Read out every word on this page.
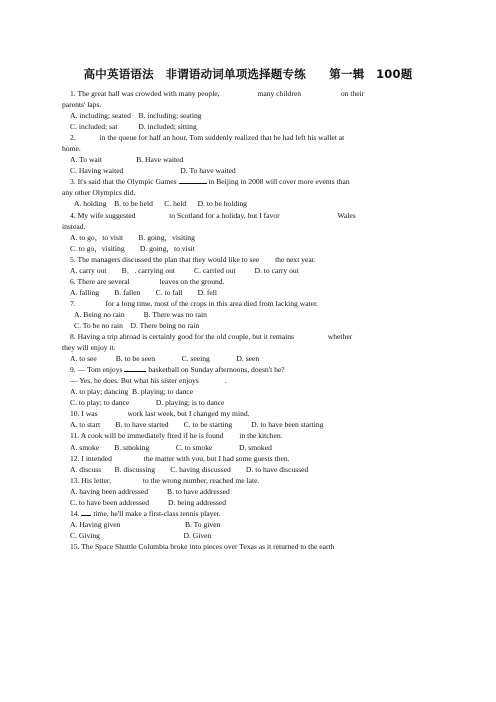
高中英语语法　非谓语动词单项选择题专练　　第一辑　100题
1. The great hall was crowded with many people,	many children	on their
parents' laps.
A. including; seated    B. including; seating
C. included; sat           D. included; sitting
2.	in the queue for half an hour, Tom suddenly realized that he had left his wallet at
home.
A. To wait                  B. Have waited
C. Having waited                              D. To have waited
3. It's said that the Olympic Games	in Beijing in 2008 will cover more events than
any other Olympics did.
A. holding    B. to be held      C. held      D. to be holding
4. My wife suggested	to Scotland for a holiday, but I favor	Wales
instead.
A. to go，to visit        B. going，visiting
C. to go，visiting        D. going，to visit
5. The managers discussed the plan that they would like to see the next year.
A. carry out        B．. carrying out          C. carried out          D. to carry out
6. There are several	leaves on the ground.
A. falling        B. fallen        C. to fall        D. fell
7.	for a long time, most of the crops in this area died from lacking water.
A. Being no rain          B. There was no rain
C. To be no rain    D. There being no rain
8. Having a trip abroad is certainly good for the old couple, but it remains	whether
they will enjoy it.
A. to see          B. to be seen              C. seeing              D. seen
9. — Tom enjoys	basketball on Sunday afternoons, doesn't he?
— Yes, he does. But what his sister enjoys	.
A. to play; dancing  B. playing; to dance
C. to play; to dance              D. playing; is to dance
10. I was	work last week, but I changed my mind.
A. to start        B. to have started        C. to be starting          D. to have been starting
11. A cook will be immediately fired if he is found in the kitchen.
A. smoke        B. smoking              C. to smoke              D. smoked
12. I intended	the matter with you, but I had some guests then.
A. discuss       B. discussing        C. having discussed        D. to have discussed
13. His letter,	to the wrong number, reached me late.
A. having been addressed          B. to have addressed
C. to have been addressed          D. being addressed
14. time, he'll make a first-class tennis player.
A. Having given                                  B. To given
C. Giving                                            D. Given
15. The Space Shuttle Columbia broke into pieces over Texas as it returned to the earth
